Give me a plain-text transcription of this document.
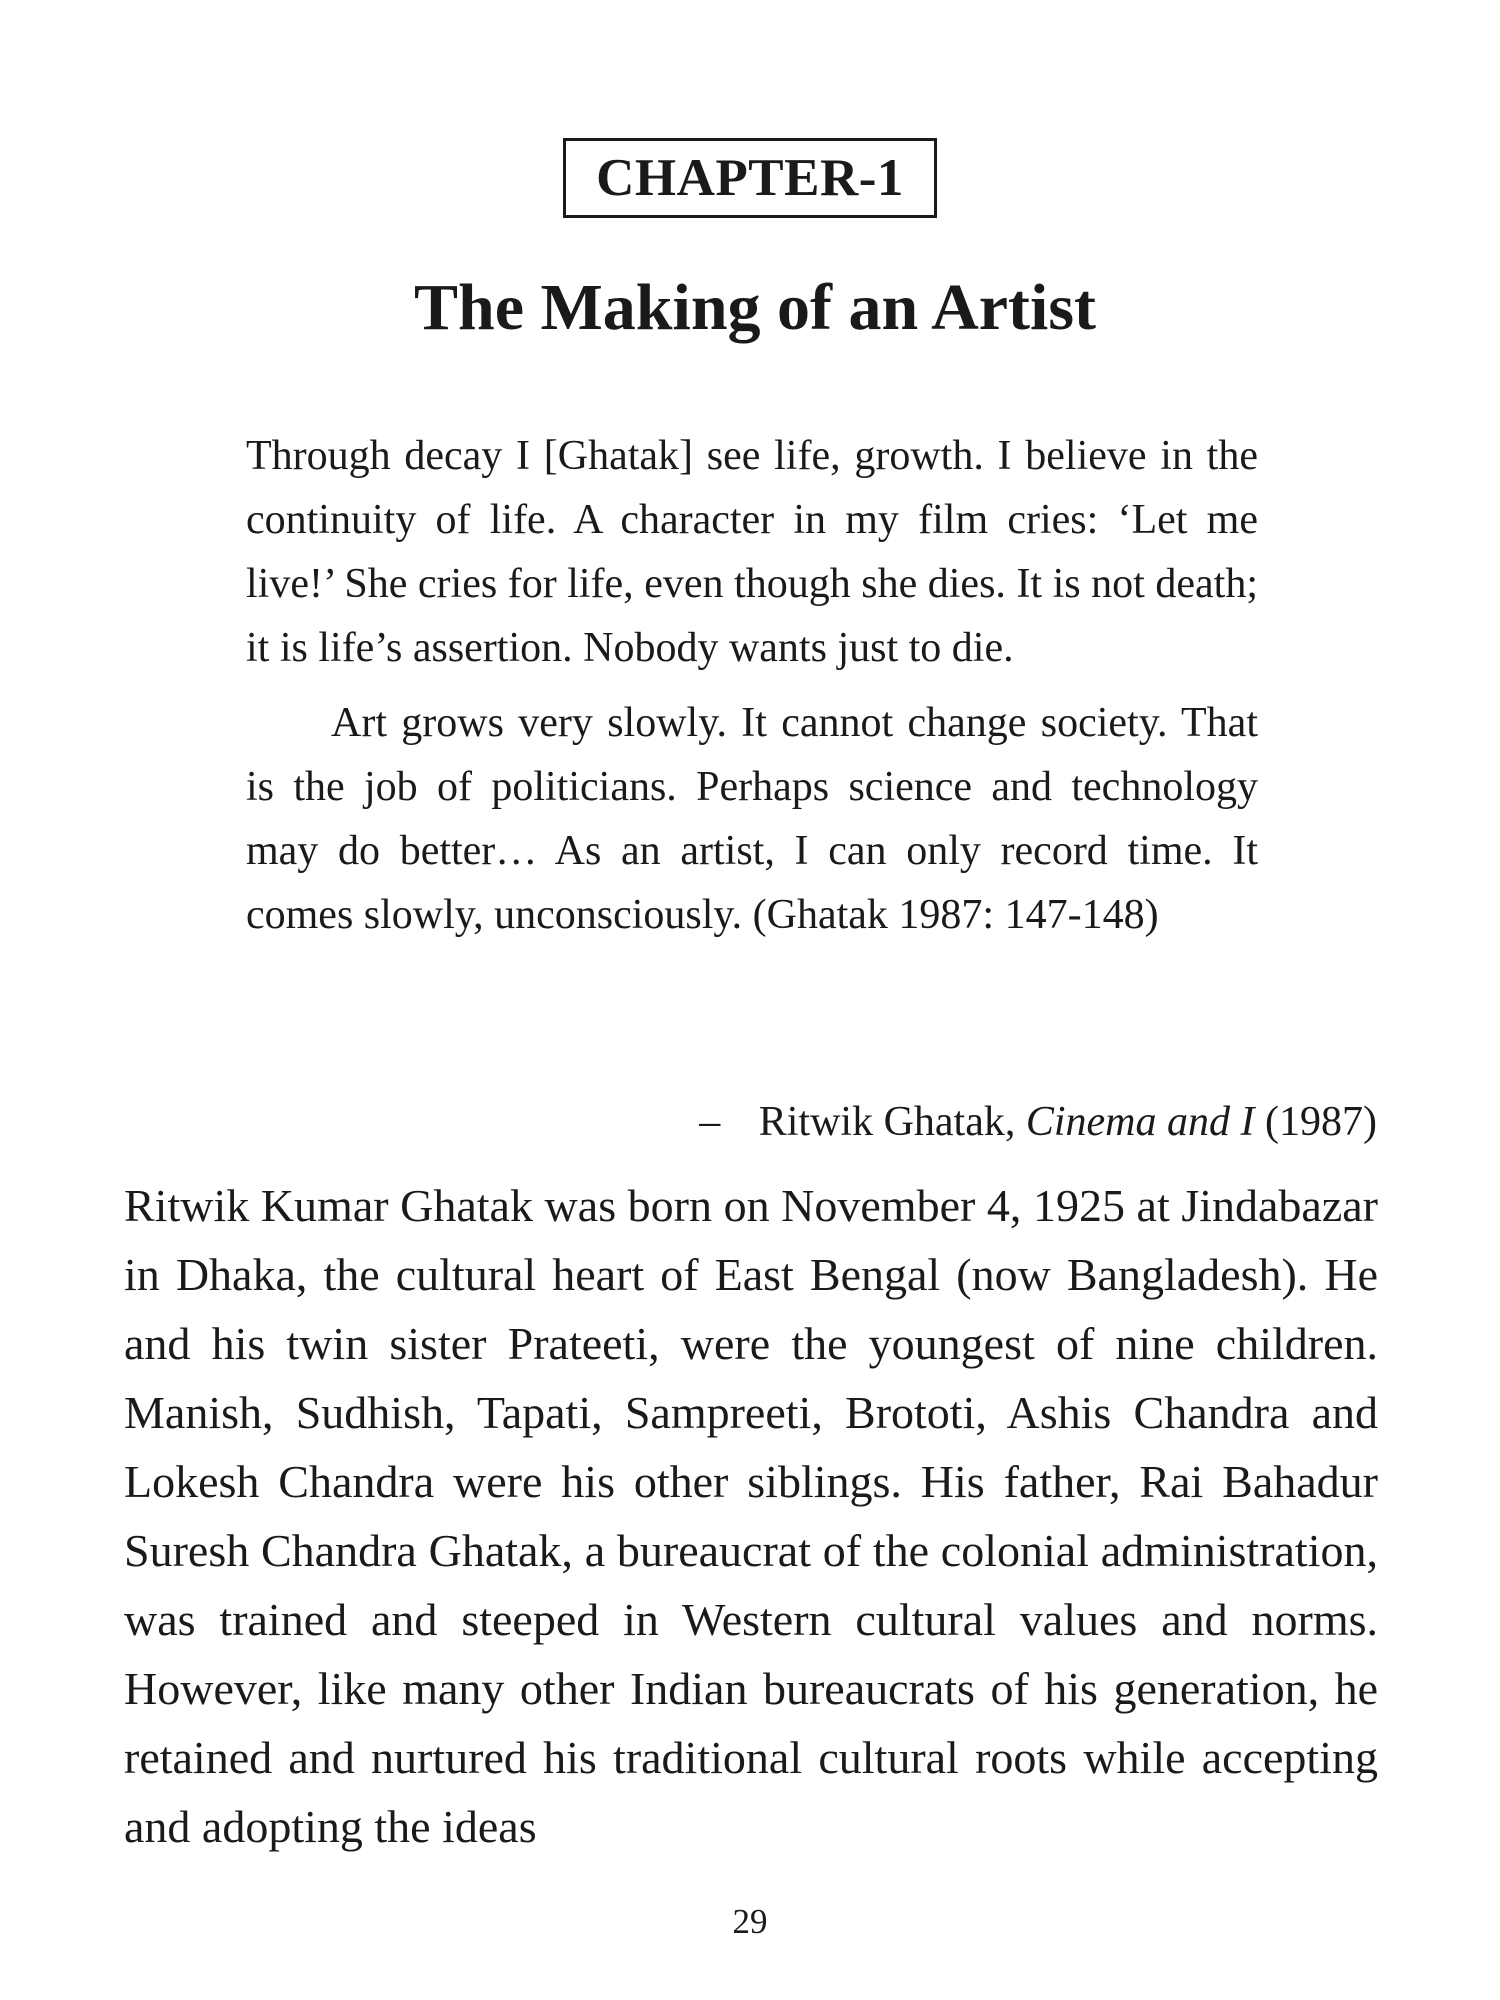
CHAPTER-1
The Making of an Artist

Through decay I [Ghatak] see life, growth. I believe in the continuity of life. A character in my film cries: ‘Let me live!’ She cries for life, even though she dies. It is not death; it is life’s assertion. Nobody wants just to die.

Art grows very slowly. It cannot change society. That is the job of politicians. Perhaps science and technology may do better… As an artist, I can only record time. It comes slowly, unconsciously. (Ghatak 1987: 147-148)

– Ritwik Ghatak, Cinema and I (1987)

Ritwik Kumar Ghatak was born on November 4, 1925 at Jindabazar in Dhaka, the cultural heart of East Bengal (now Bangladesh). He and his twin sister Prateeti, were the youngest of nine children. Manish, Sudhish, Tapati, Sampreeti, Brototi, Ashis Chandra and Lokesh Chandra were his other siblings. His father, Rai Bahadur Suresh Chandra Ghatak, a bureaucrat of the colonial administration, was trained and steeped in Western cultural values and norms. However, like many other Indian bureaucrats of his generation, he retained and nurtured his traditional cultural roots while accepting and adopting the ideas

29
